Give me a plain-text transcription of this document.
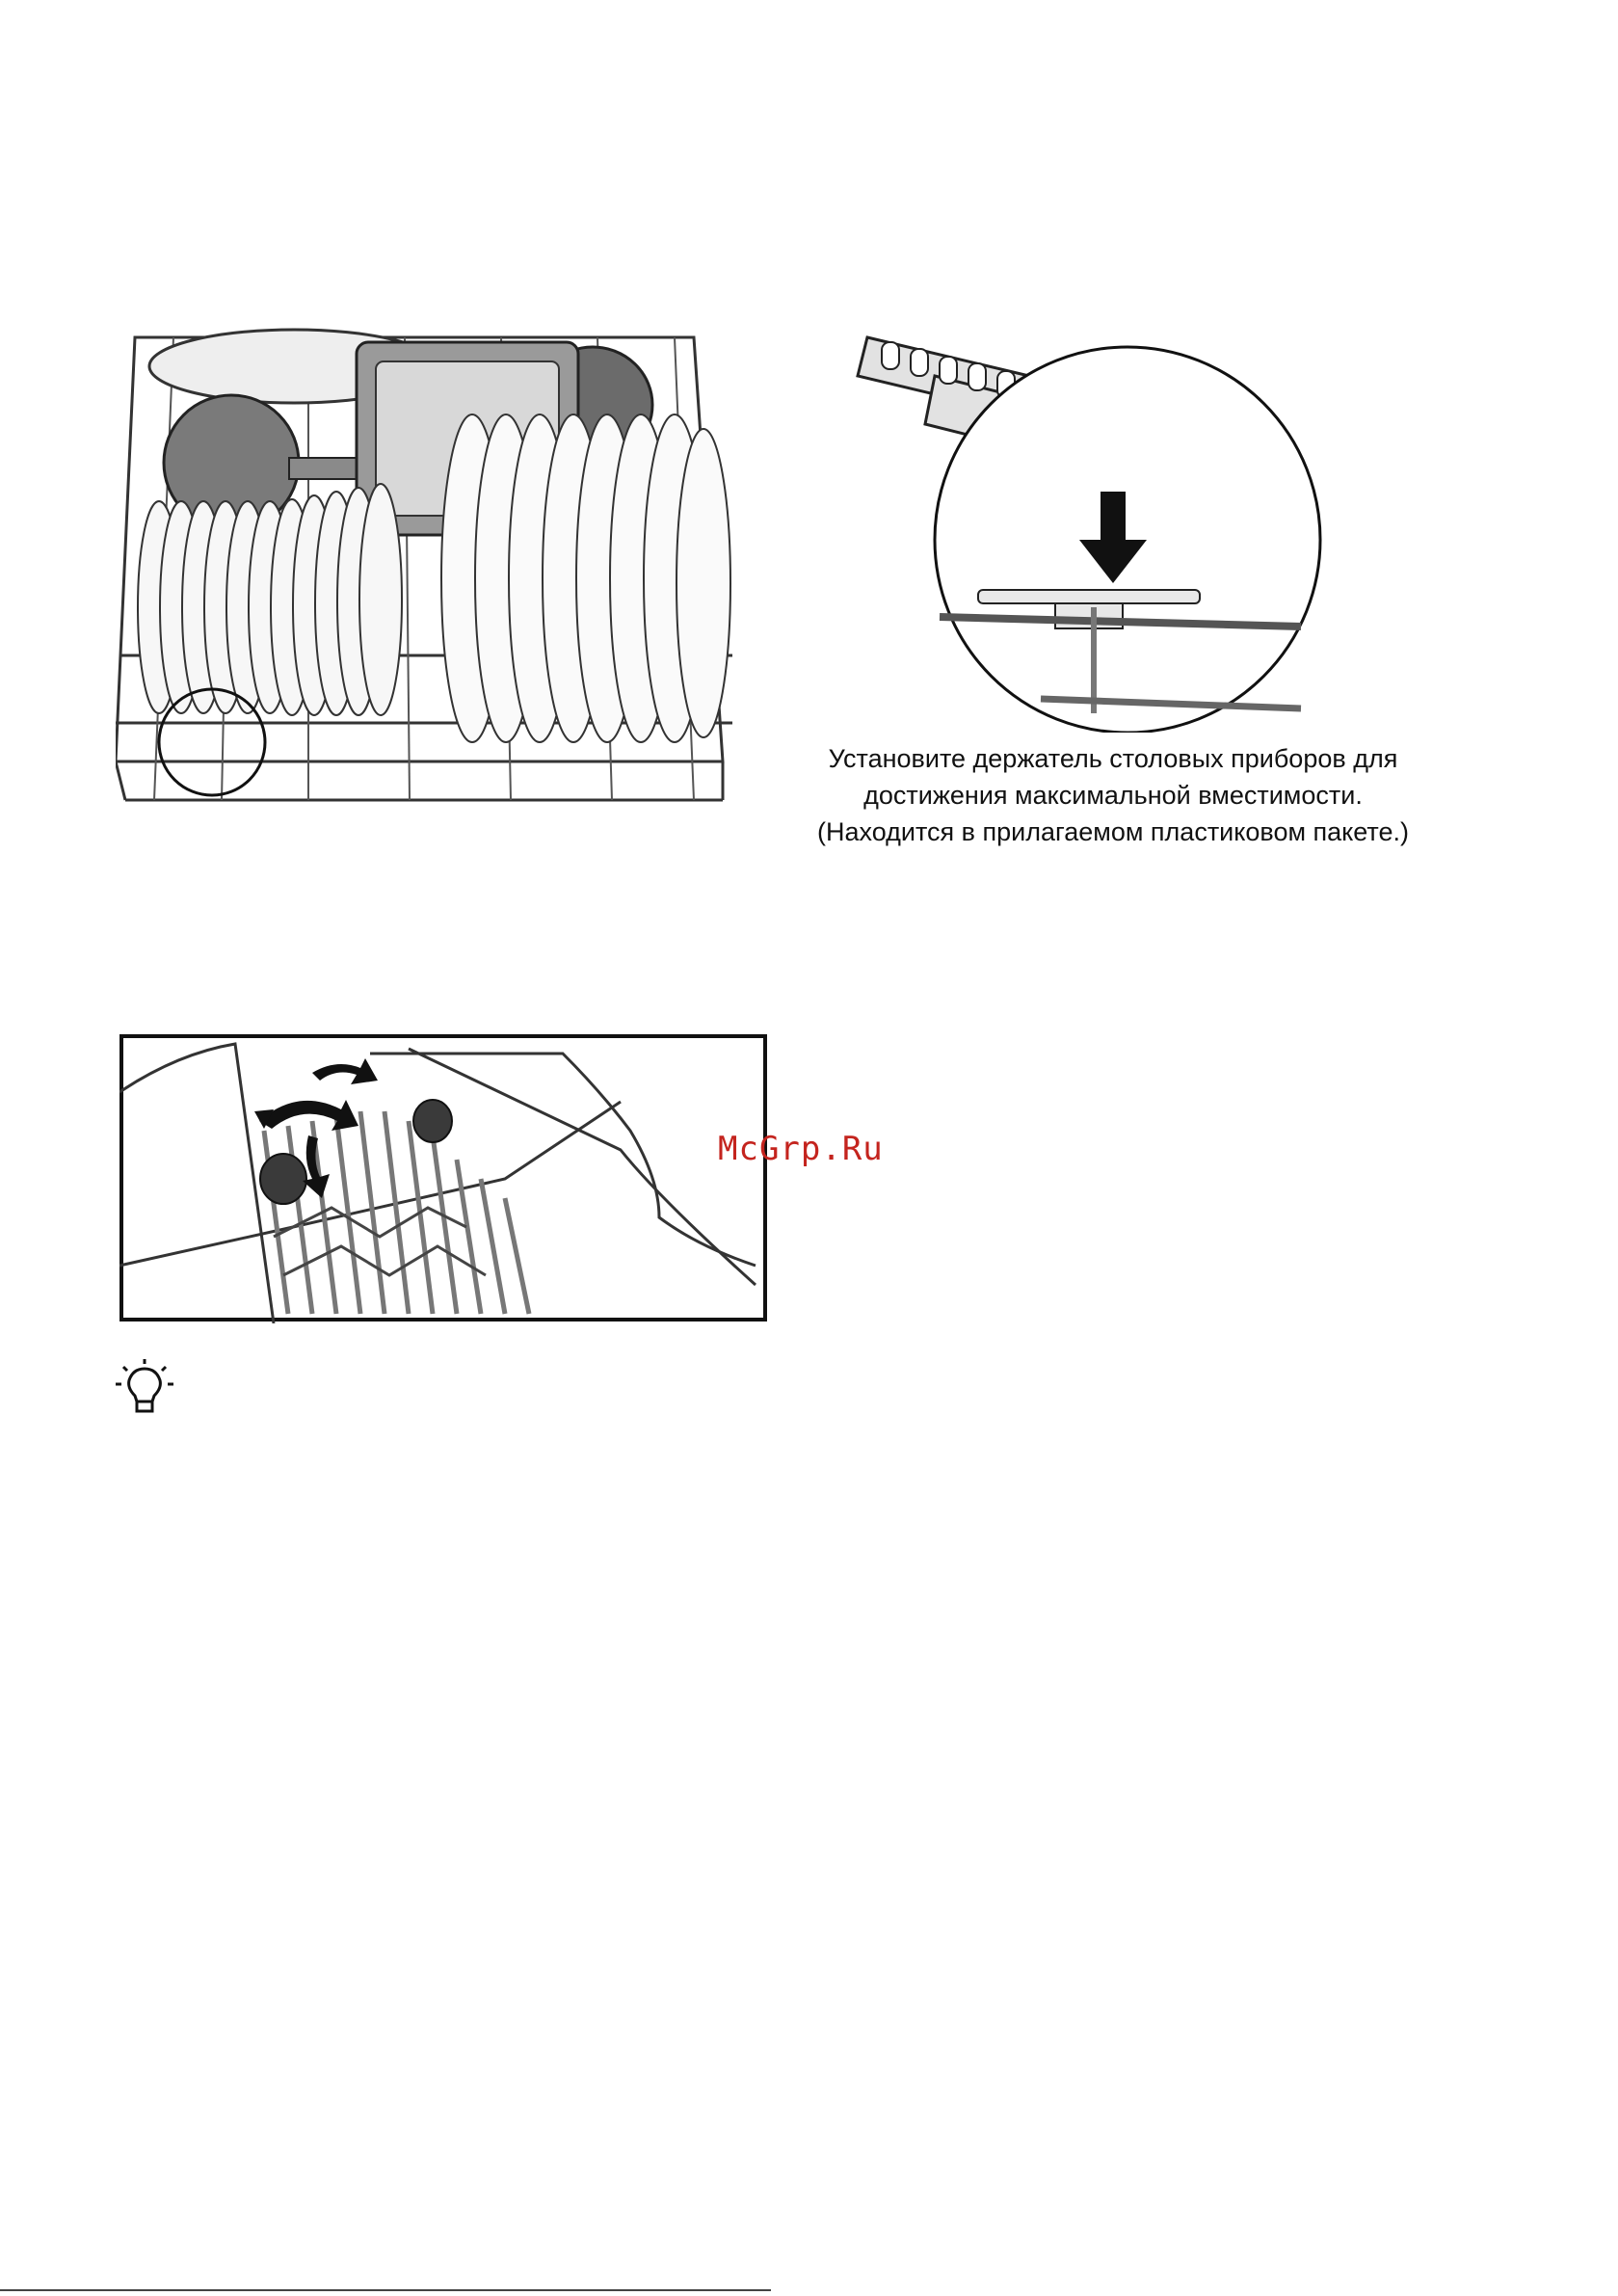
Установите держатель столовых приборов для
достижения максимальной вместимости.
(Находится в прилагаемом пластиковом пакете.)
McGrp.Ru
